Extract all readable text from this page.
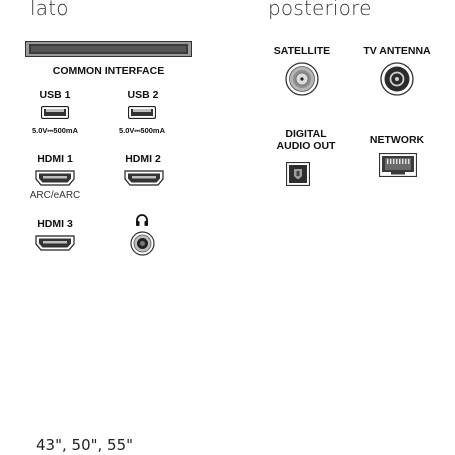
lato	posteriore
COMMON INTERFACE
USB 1
5.0V⎓500mA
USB 2
5.0V⎓500mA
HDMI 1
ARC/eARC
HDMI 2
HDMI 3
SATELLITE	TV ANTENNA
DIGITAL
AUDIO OUT	NETWORK
43", 50", 55"
